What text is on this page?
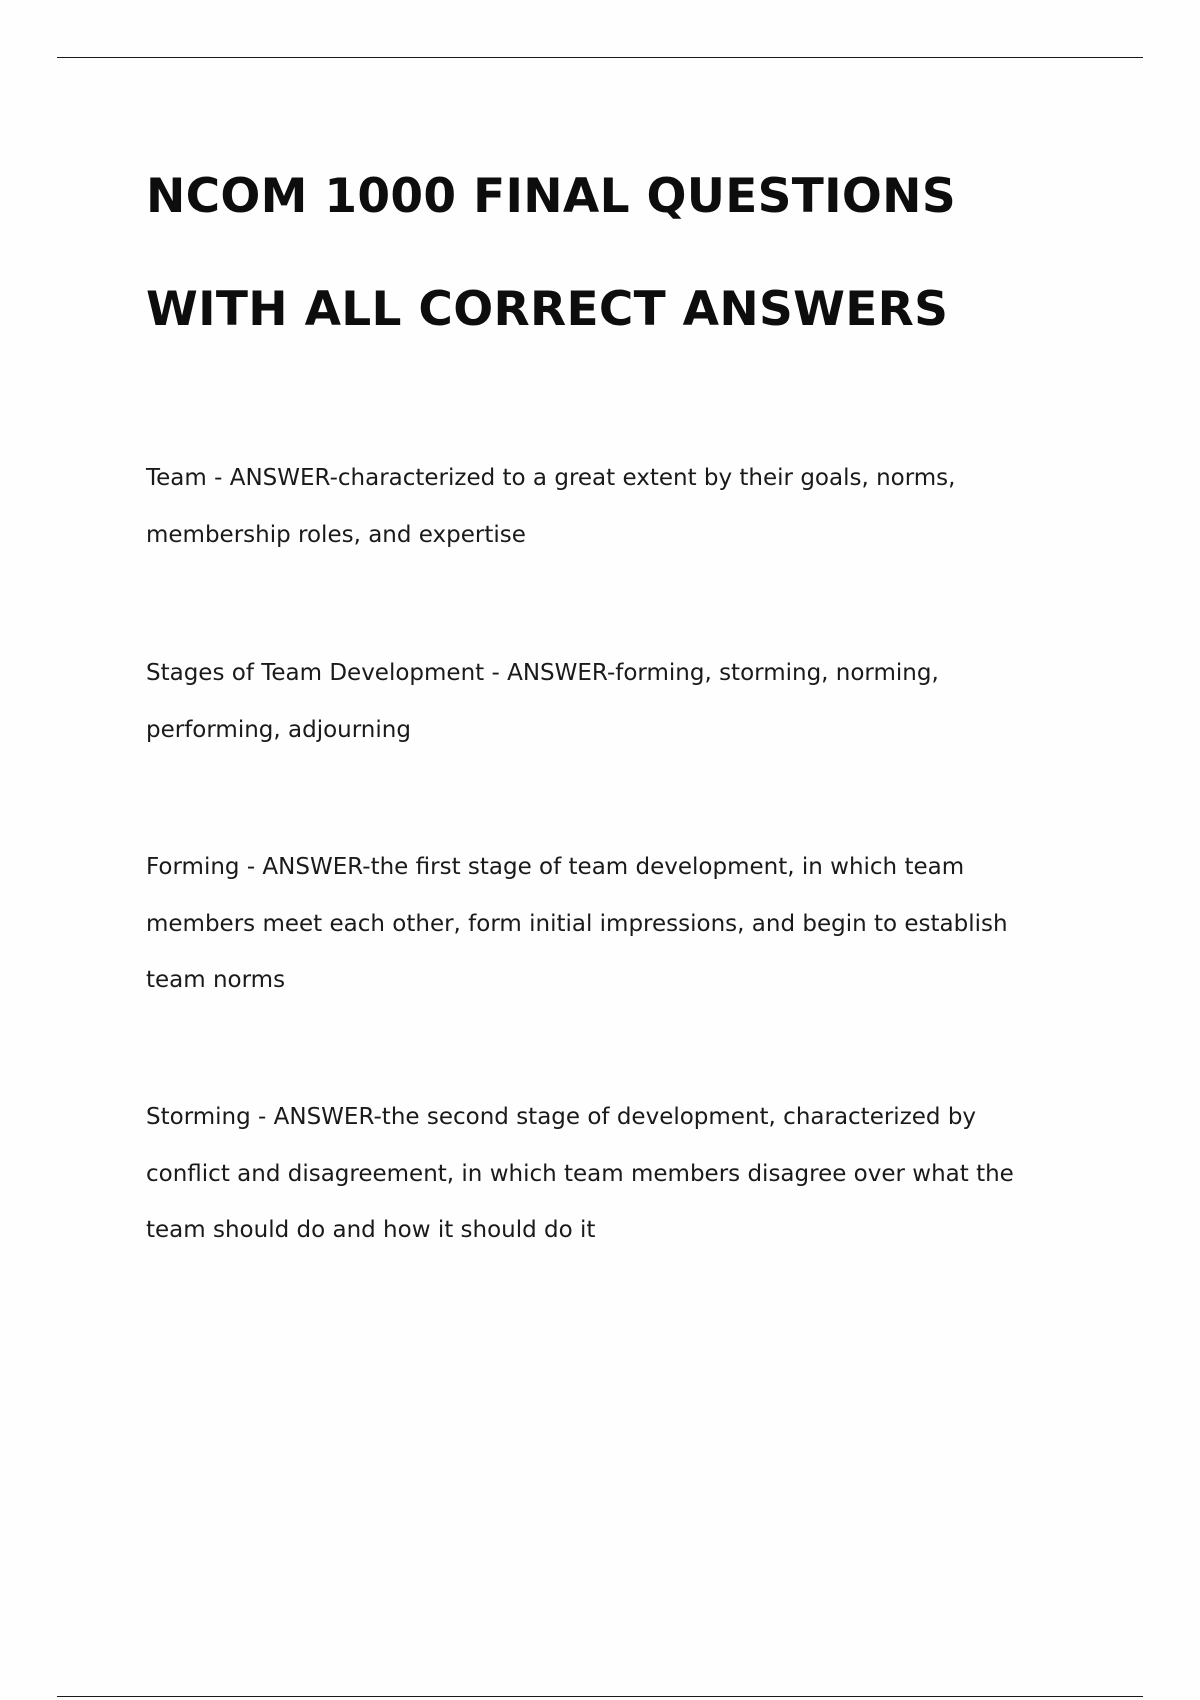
NCOM 1000 FINAL QUESTIONS
WITH ALL CORRECT ANSWERS

Team - ANSWER-characterized to a great extent by their goals, norms,
membership roles, and expertise

Stages of Team Development - ANSWER-forming, storming, norming,
performing, adjourning

Forming - ANSWER-the first stage of team development, in which team
members meet each other, form initial impressions, and begin to establish
team norms

Storming - ANSWER-the second stage of development, characterized by
conflict and disagreement, in which team members disagree over what the
team should do and how it should do it
